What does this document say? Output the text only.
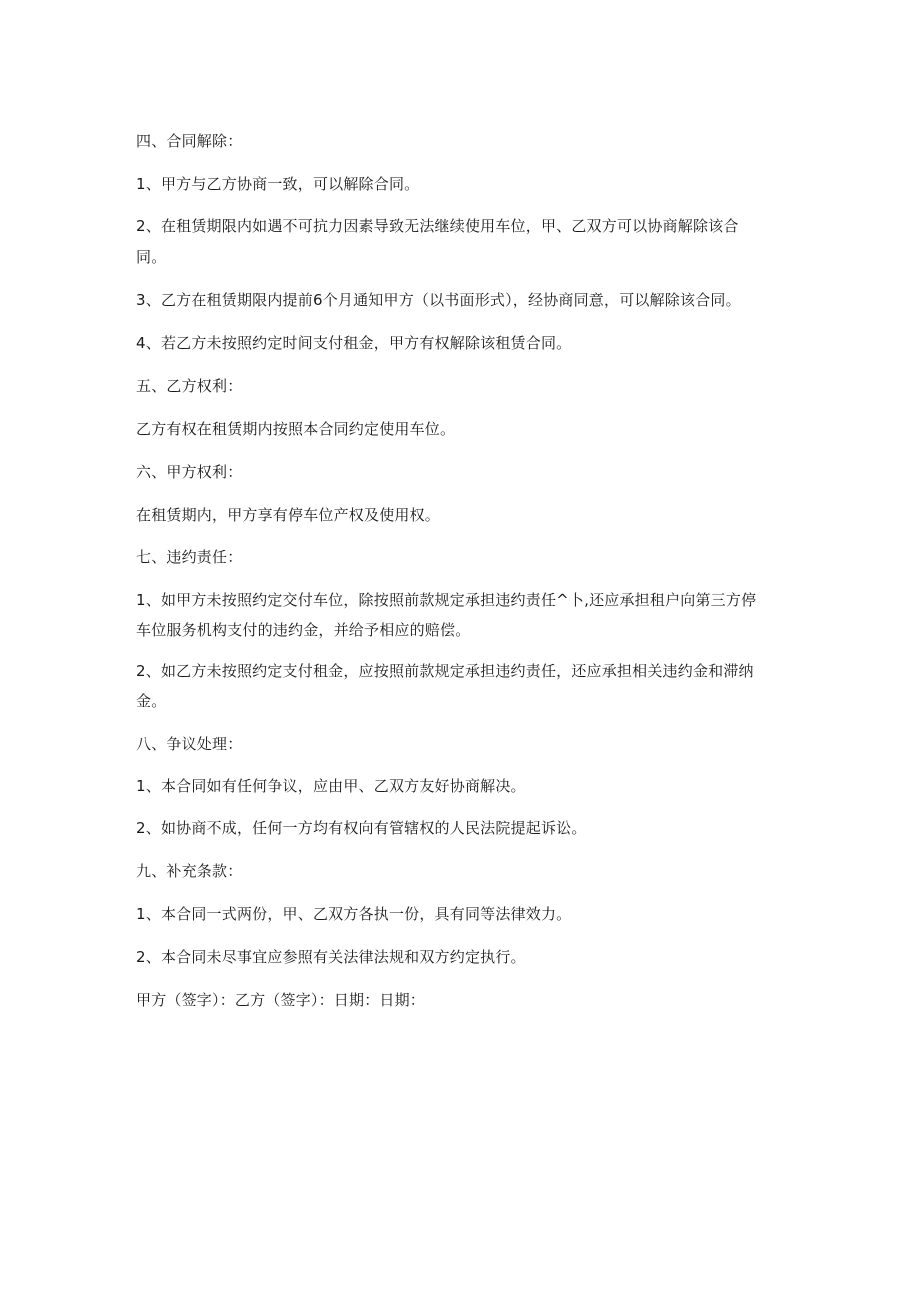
四、合同解除：
1、甲方与乙方协商一致，可以解除合同。
2、在租赁期限内如遇不可抗力因素导致无法继续使用车位，甲、乙双方可以协商解除该合
同。
3、乙方在租赁期限内提前6个月通知甲方（以书面形式），经协商同意，可以解除该合同。
4、若乙方未按照约定时间支付租金，甲方有权解除该租赁合同。
五、乙方权利：
乙方有权在租赁期内按照本合同约定使用车位。
六、甲方权利：
在租赁期内，甲方享有停车位产权及使用权。
七、违约责任：
1、如甲方未按照约定交付车位，除按照前款规定承担违约责任^卜,还应承担租户向第三方停
车位服务机构支付的违约金，并给予相应的赔偿。
2、如乙方未按照约定支付租金，应按照前款规定承担违约责任，还应承担相关违约金和滞纳
金。
八、争议处理：
1、本合同如有任何争议，应由甲、乙双方友好协商解决。
2、如协商不成，任何一方均有权向有管辖权的人民法院提起诉讼。
九、补充条款：
1、本合同一式两份，甲、乙双方各执一份，具有同等法律效力。
2、本合同未尽事宜应参照有关法律法规和双方约定执行。
甲方（签字）：乙方（签字）：日期：日期：
